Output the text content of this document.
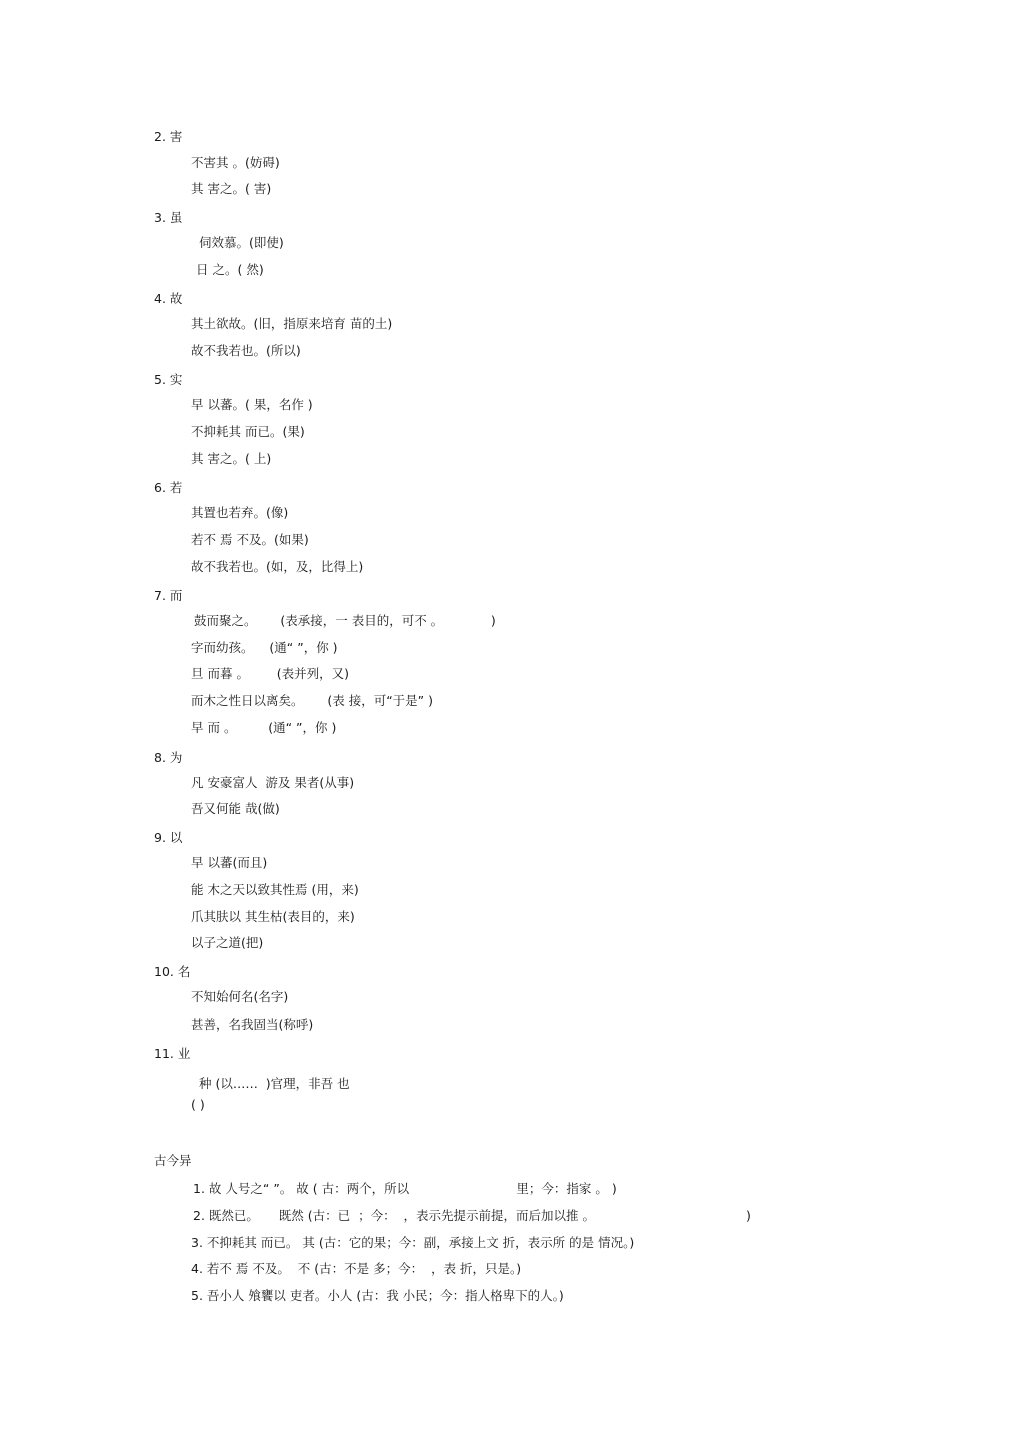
2. 害
不害其 。(妨碍)
其 害之。( 害)
3. 虽
伺效慕。(即使)
日 之。( 然)
4. 故
其土欲故。(旧，指原来培育 苗的土)
故不我若也。(所以)
5. 实
早 以蕃。( 果，名作 )
不抑耗其 而已。(果)
其 害之。( 上)
6. 若
其置也若弃。(像)
若不 焉 不及。(如果)
故不我若也。(如，及，比得上)
7. 而
鼓而聚之。      (表承接，一 表目的，可不 。            )
字而幼孩。    (通“ ”，你 )
旦 而暮 。       (表并列，又)
而木之性日以离矣。      (表 接，可“于是” )
早 而 。        (通“ ”，你 )
8. 为
凡 安豪富人  游及 果者(从事)
吾又何能 哉(做)
9. 以
早 以蕃(而且)
能 木之天以致其性焉 (用，来)
爪其肤以 其生枯(表目的，来)
以子之道(把)
10. 名
不知始何名(名字)
甚善，名我固当(称呼)
11. 业
种 (以……  )官理，非吾 也
( )
古今异
1. 故 人号之“ ”。 故 ( 古：两个，所以                           里；今：指家 。 )
2. 既然已。     既然 (古：已  ；今：  ，表示先提示前提，而后加以推 。                                      )
3. 不抑耗其 而已。 其 (古：它的果；今：副，承接上文 折，表示所 的是 情况。)
4. 若不 焉 不及。  不 (古：不是 多；今：  ，表 折，只是。)
5. 吾小人 飧饔以 吏者。小人 (古：我 小民；今：指人格卑下的人。)
